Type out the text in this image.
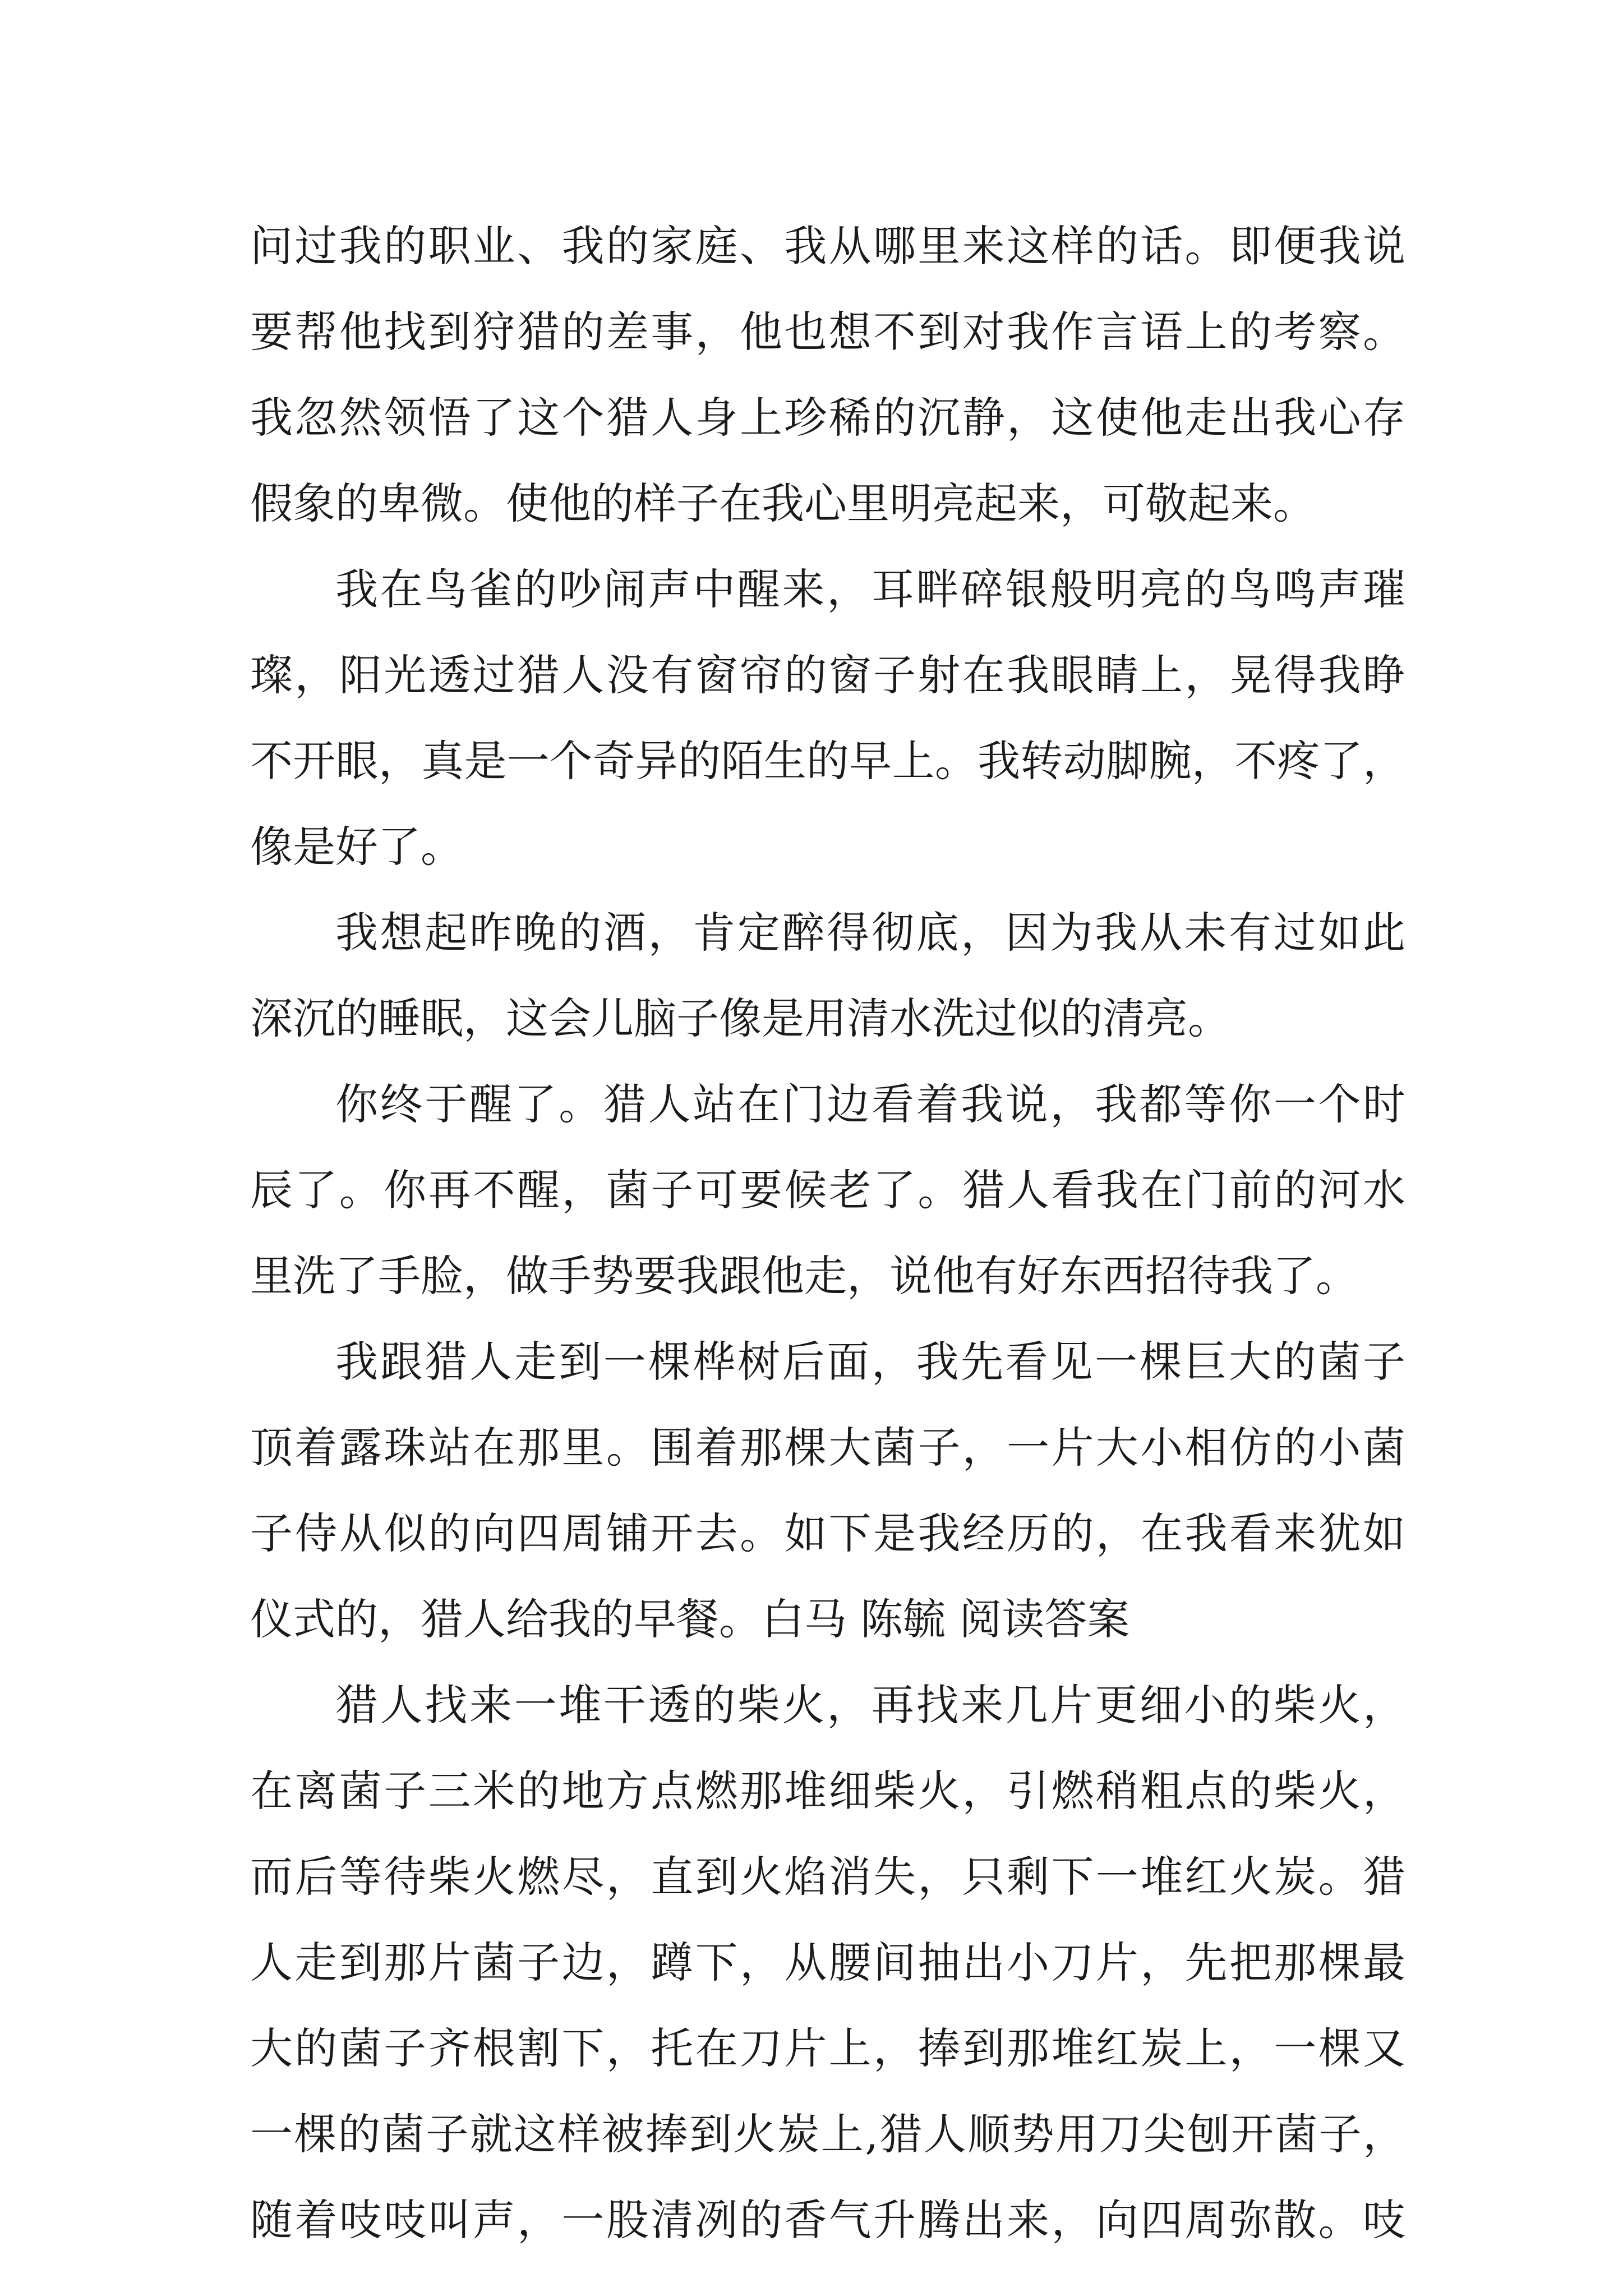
问过我的职业、我的家庭、我从哪里来这样的话。即便我说
要帮他找到狩猎的差事，他也想不到对我作言语上的考察。
我忽然领悟了这个猎人身上珍稀的沉静，这使他走出我心存
假象的卑微。使他的样子在我心里明亮起来，可敬起来。
我在鸟雀的吵闹声中醒来，耳畔碎银般明亮的鸟鸣声璀
璨，阳光透过猎人没有窗帘的窗子射在我眼睛上，晃得我睁
不开眼，真是一个奇异的陌生的早上。我转动脚腕，不疼了，
像是好了。
我想起昨晚的酒，肯定醉得彻底，因为我从未有过如此
深沉的睡眠，这会儿脑子像是用清水洗过似的清亮。
你终于醒了。猎人站在门边看着我说，我都等你一个时
辰了。你再不醒，菌子可要候老了。猎人看我在门前的河水
里洗了手脸，做手势要我跟他走，说他有好东西招待我了。
我跟猎人走到一棵桦树后面，我先看见一棵巨大的菌子
顶着露珠站在那里。围着那棵大菌子，一片大小相仿的小菌
子侍从似的向四周铺开去。如下是我经历的，在我看来犹如
仪式的，猎人给我的早餐。白马 陈毓 阅读答案
猎人找来一堆干透的柴火，再找来几片更细小的柴火，
在离菌子三米的地方点燃那堆细柴火，引燃稍粗点的柴火，
而后等待柴火燃尽，直到火焰消失，只剩下一堆红火炭。猎
人走到那片菌子边，蹲下，从腰间抽出小刀片，先把那棵最
大的菌子齐根割下，托在刀片上，捧到那堆红炭上，一棵又
一棵的菌子就这样被捧到火炭上,猎人顺势用刀尖刨开菌子，
随着吱吱叫声，一股清冽的香气升腾出来，向四周弥散。吱
